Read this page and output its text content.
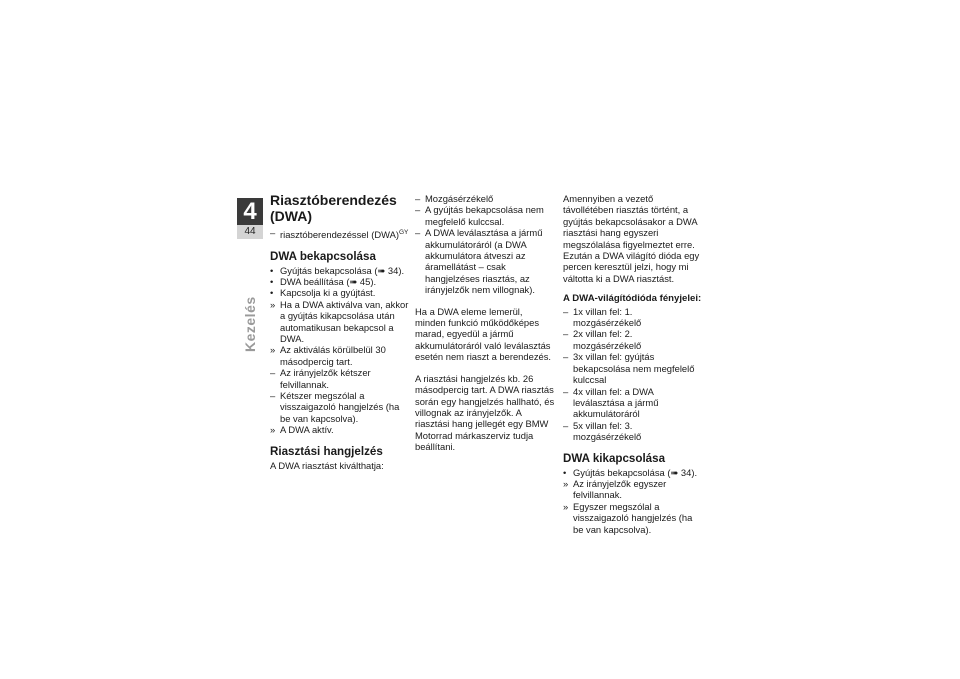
4
44
Kezelés
Riasztóberendezés
(DWA)
– riasztóberendezéssel (DWA)$^{GY}$
DWA bekapcsolása
• Gyújtás bekapcsolása (➠ 34).
• DWA beállítása (➠ 45).
• Kapcsolja ki a gyújtást.
» Ha a DWA aktiválva van, akkor a gyújtás kikapcsolása után automatikusan bekapcsol a DWA.
» Az aktiválás körülbelül 30 másodpercig tart.
– Az irányjelzők kétszer felvillannak.
– Kétszer megszólal a visszaigazoló hangjelzés (ha be van kapcsolva).
» A DWA aktív.
Riasztási hangjelzés

A DWA riasztást kiválthatja:

– Mozgásérzékelő
– A gyújtás bekapcsolása nem megfelelő kulccsal.
– A DWA leválasztása a jármű akkumulátoráról (a DWA akkumulátora átveszi az áramellátást – csak hangjelzéses riasztás, az irányjelzők nem villognak).

Ha a DWA eleme lemerül, minden funkció működőképes marad, egyedül a jármű akkumulátoráról való leválasztás esetén nem riaszt a berendezés.

A riasztási hangjelzés kb. 26 másodpercig tart. A DWA riasztás során egy hangjelzés hallható, és villognak az irányjelzők. A riasztási hang jellegét egy BMW Motorrad márkaszerviz tudja beállítani.

Amennyiben a vezető távollétében riasztás történt, a gyújtás bekapcsolásakor a DWA riasztási hang egyszeri megszólalása figyelmeztet erre. Ezután a DWA világító dióda egy percen keresztül jelzi, hogy mi váltotta ki a DWA riasztást.

A DWA-világítódióda fényjelei:
– 1x villan fel: 1. mozgásérzékelő
– 2x villan fel: 2. mozgásérzékelő
– 3x villan fel: gyújtás bekapcsolása nem megfelelő kulccsal
– 4x villan fel: a DWA leválasztása a jármű akkumulátoráról
– 5x villan fel: 3. mozgásérzékelő
DWA kikapcsolása
• Gyújtás bekapcsolása (➠ 34).
» Az irányjelzők egyszer felvillannak.
» Egyszer megszólal a visszaigazoló hangjelzés (ha be van kapcsolva).
